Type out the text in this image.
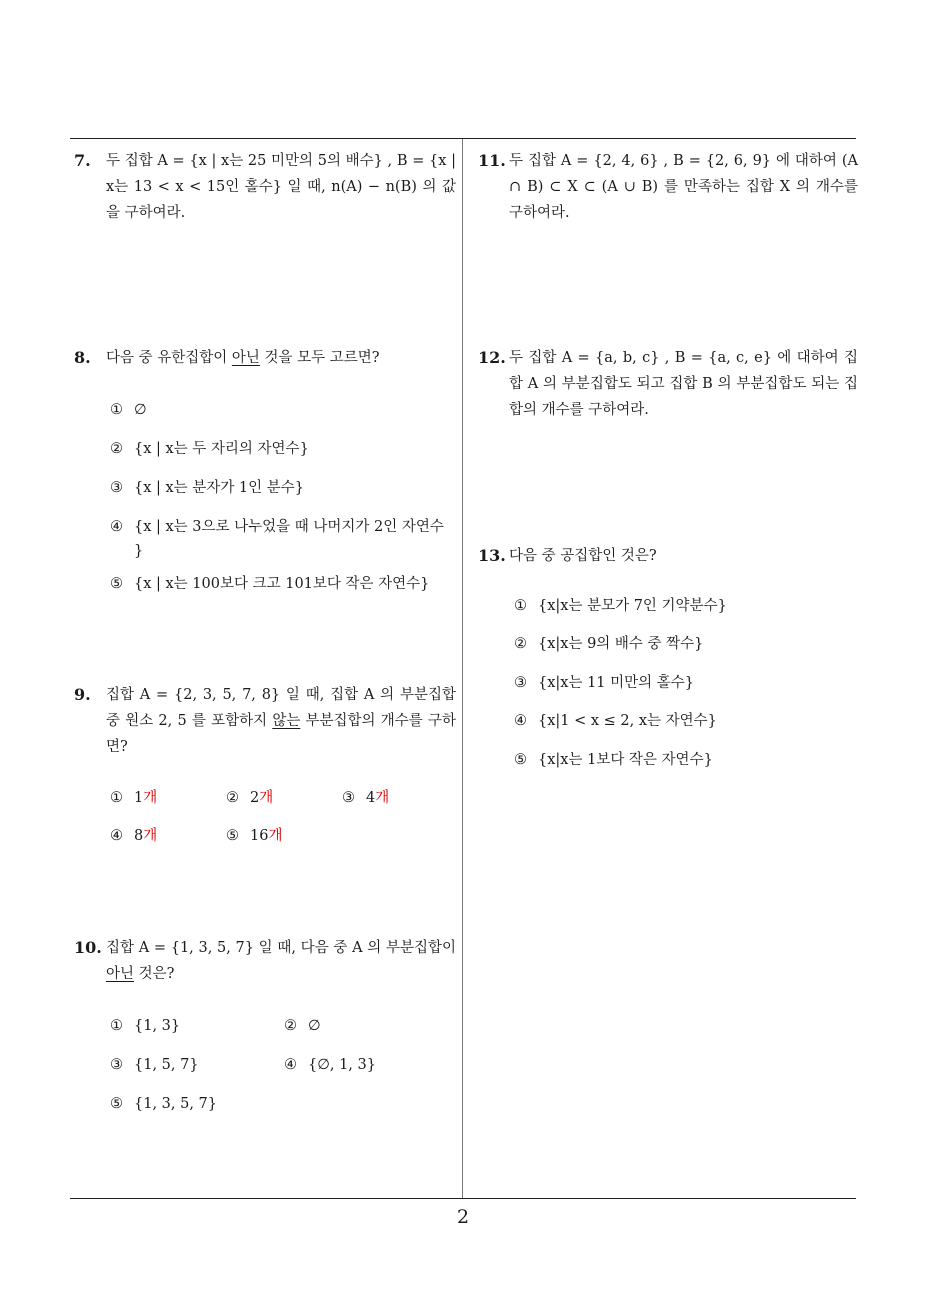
2
7. 두 집합 A = {x | x는 25 미만의 5의 배수} , B = {x | x는 13 < x < 15인 홀수} 일 때, n(A) − n(B) 의 값을 구하여라.

8. 다음 중 유한집합이 아닌 것을 모두 고르면?

① ∅
② {x | x는 두 자리의 자연수}
③ {x | x는 분자가 1인 분수}
④ {x | x는 3으로 나누었을 때 나머지가 2인 자연수 }
⑤ {x | x는 100보다 크고 101보다 작은 자연수}
9. 집합 A = {2, 3, 5, 7, 8} 일 때, 집합 A 의 부분집합 중 원소 2, 5 를 포함하지 않는 부분집합의 개수를 구하면?

① 1개	② 2개	③ 4개
④ 8개	⑤ 16개
10. 집합 A = {1, 3, 5, 7} 일 때, 다음 중 A 의 부분집합이 아닌 것은?

① {1, 3}	② ∅
③ {1, 5, 7}	④ {∅, 1, 3}
⑤ {1, 3, 5, 7}
11. 두 집합 A = {2, 4, 6} , B = {2, 6, 9} 에 대하여 (A ∩ B) ⊂ X ⊂ (A ∪ B) 를 만족하는 집합 X 의 개수를 구하여라.

12. 두 집합 A = {a, b, c} , B = {a, c, e} 에 대하여 집합 A 의 부분집합도 되고 집합 B 의 부분집합도 되는 집합의 개수를 구하여라.

13. 다음 중 공집합인 것은?

① {x|x는 분모가 7인 기약분수}
② {x|x는 9의 배수 중 짝수}
③ {x|x는 11 미만의 홀수}
④ {x|1 < x ≤ 2, x는 자연수}
⑤ {x|x는 1보다 작은 자연수}
